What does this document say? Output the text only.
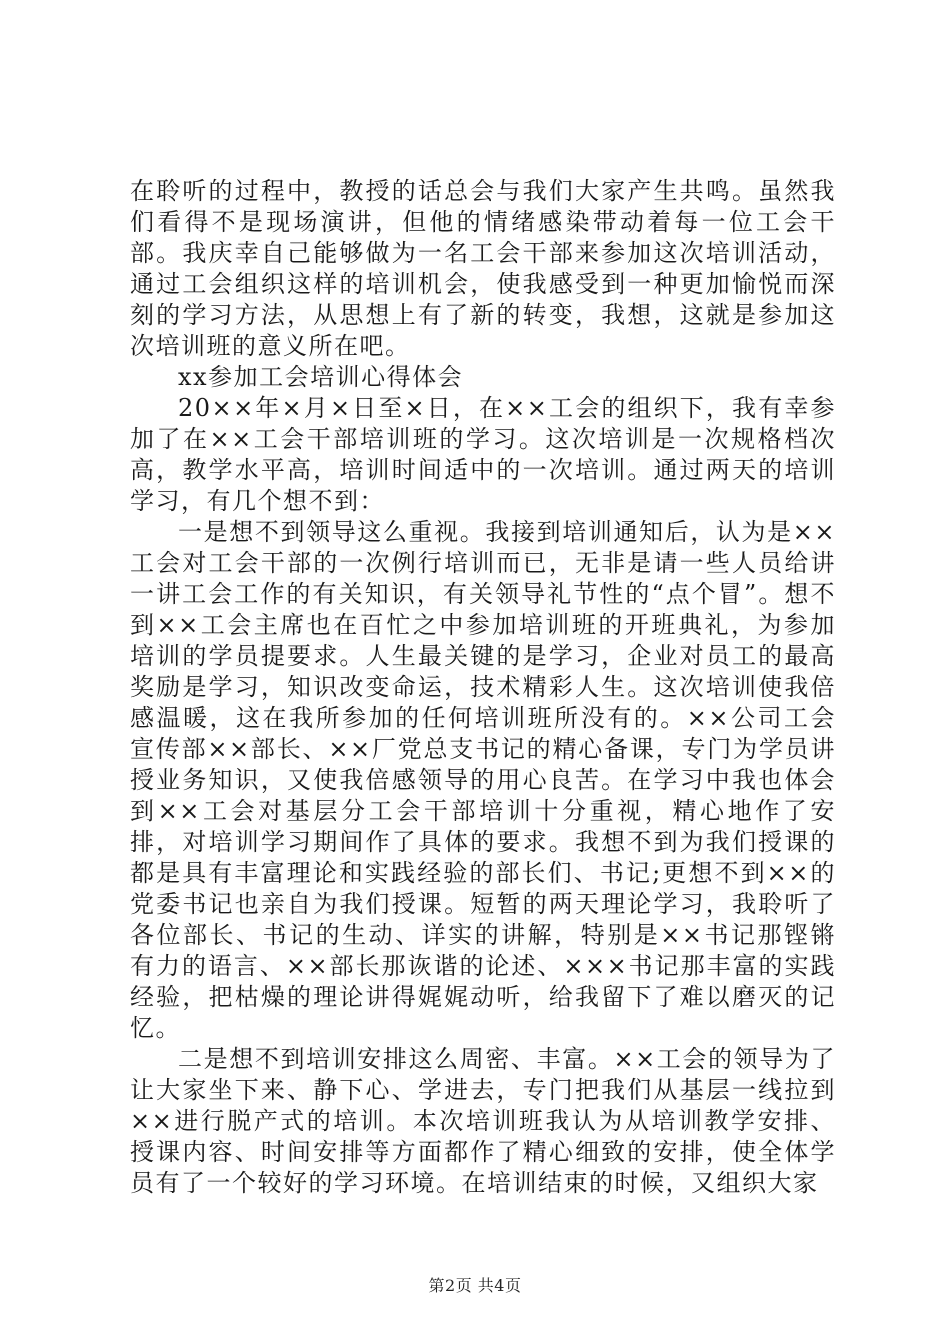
在聆听的过程中，教授的话总会与我们大家产生共鸣。虽然我们看得不是现场演讲，但他的情绪感染带动着每一位工会干部。我庆幸自己能够做为一名工会干部来参加这次培训活动，通过工会组织这样的培训机会，使我感受到一种更加愉悦而深刻的学习方法，从思想上有了新的转变，我想，这就是参加这次培训班的意义所在吧。

xx参加工会培训心得体会

20××年×月×日至×日，在××工会的组织下，我有幸参加了在××工会干部培训班的学习。这次培训是一次规格档次高，教学水平高，培训时间适中的一次培训。通过两天的培训学习，有几个想不到：

一是想不到领导这么重视。我接到培训通知后，认为是××工会对工会干部的一次例行培训而已，无非是请一些人员给讲一讲工会工作的有关知识，有关领导礼节性的“点个冒”。想不到××工会主席也在百忙之中参加培训班的开班典礼，为参加培训的学员提要求。人生最关键的是学习，企业对员工的最高奖励是学习，知识改变命运，技术精彩人生。这次培训使我倍感温暖，这在我所参加的任何培训班所没有的。××公司工会宣传部××部长、××厂党总支书记的精心备课，专门为学员讲授业务知识，又使我倍感领导的用心良苦。在学习中我也体会到××工会对基层分工会干部培训十分重视，精心地作了安排，对培训学习期间作了具体的要求。我想不到为我们授课的都是具有丰富理论和实践经验的部长们、书记;更想不到××的党委书记也亲自为我们授课。短暂的两天理论学习，我聆听了各位部长、书记的生动、详实的讲解，特别是××书记那铿锵有力的语言、××部长那诙谐的论述、×××书记那丰富的实践经验，把枯燥的理论讲得娓娓动听，给我留下了难以磨灭的记忆。

二是想不到培训安排这么周密、丰富。××工会的领导为了让大家坐下来、静下心、学进去，专门把我们从基层一线拉到××进行脱产式的培训。本次培训班我认为从培训教学安排、授课内容、时间安排等方面都作了精心细致的安排，使全体学员有了一个较好的学习环境。在培训结束的时候，又组织大家

第2页 共4页
